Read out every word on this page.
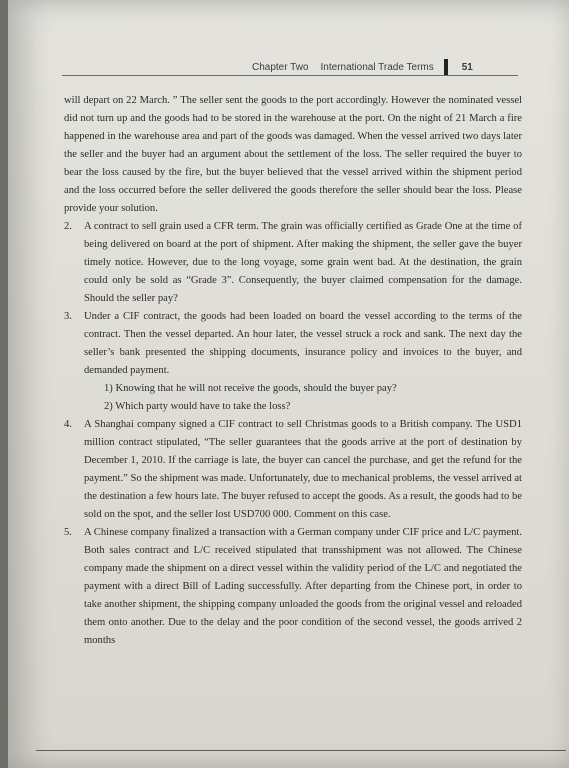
Chapter Two International Trade Terms	51

will depart on 22 March. ” The seller sent the goods to the port accordingly. However the nominated vessel did not turn up and the goods had to be stored in the warehouse at the port. On the night of 21 March a fire happened in the warehouse area and part of the goods was damaged. When the vessel arrived two days later the seller and the buyer had an argument about the settlement of the loss. The seller required the buyer to bear the loss caused by the fire, but the buyer believed that the vessel arrived within the shipment period and the loss occurred before the seller delivered the goods therefore the seller should bear the loss. Please provide your solution.

2.	A contract to sell grain used a CFR term. The grain was officially certified as Grade One at the time of being delivered on board at the port of shipment. After making the shipment, the seller gave the buyer timely notice. However, due to the long voyage, some grain went bad. At the destination, the grain could only be sold as “Grade 3”. Consequently, the buyer claimed compensation for the damage. Should the seller pay?

3.	Under a CIF contract, the goods had been loaded on board the vessel according to the terms of the contract. Then the vessel departed. An hour later, the vessel struck a rock and sank. The next day the seller’s bank presented the shipping documents, insurance policy and invoices to the buyer, and demanded payment.

1) Knowing that he will not receive the goods, should the buyer pay?

2) Which party would have to take the loss?

4.	A Shanghai company signed a CIF contract to sell Christmas goods to a British company. The USD1 million contract stipulated, “The seller guarantees that the goods arrive at the port of destination by December 1, 2010. If the carriage is late, the buyer can cancel the purchase, and get the refund for the payment.” So the shipment was made. Unfortunately, due to mechanical problems, the vessel arrived at the destination a few hours late. The buyer refused to accept the goods. As a result, the goods had to be sold on the spot, and the seller lost USD700 000. Comment on this case.

5.	A Chinese company finalized a transaction with a German company under CIF price and L/C payment. Both sales contract and L/C received stipulated that transshipment was not allowed. The Chinese company made the shipment on a direct vessel within the validity period of the L/C and negotiated the payment with a direct Bill of Lading successfully. After departing from the Chinese port, in order to take another shipment, the shipping company unloaded the goods from the original vessel and reloaded them onto another. Due to the delay and the poor condition of the second vessel, the goods arrived 2 months
